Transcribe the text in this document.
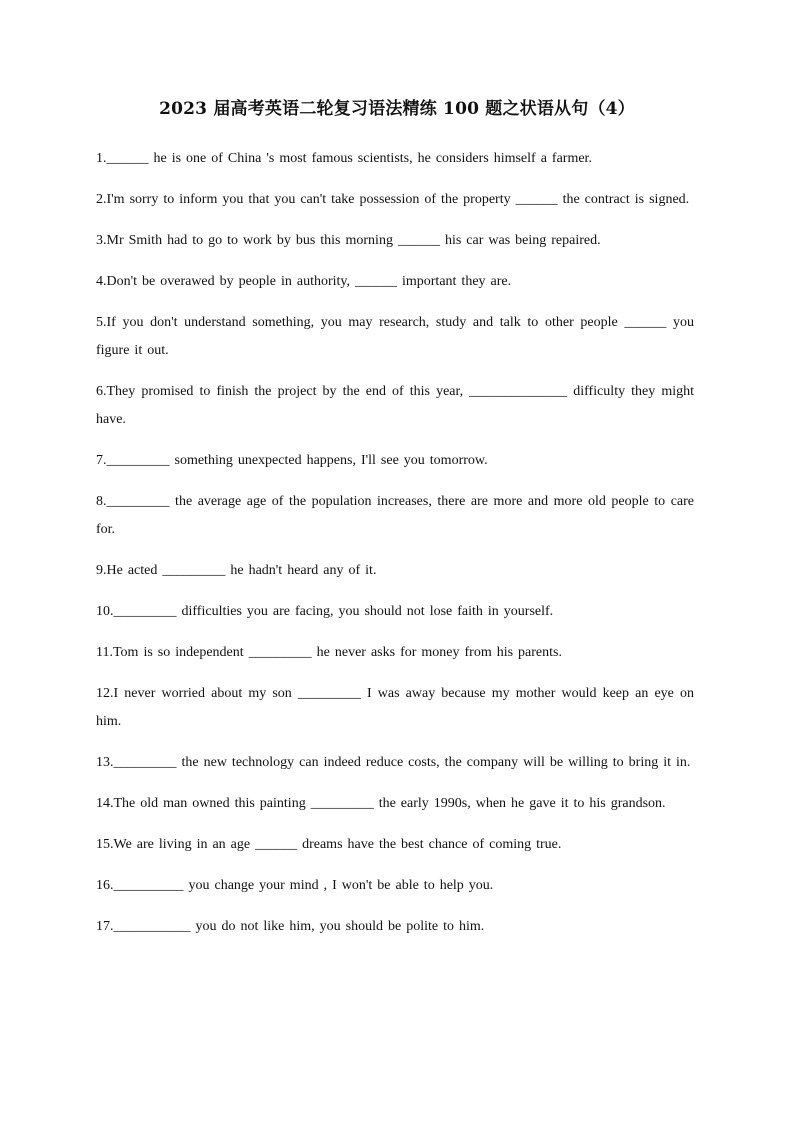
2023 届高考英语二轮复习语法精练 100 题之状语从句（4）

1.______ he is one of China 's most famous scientists, he considers himself a farmer.

2.I'm sorry to inform you that you can't take possession of the property ______ the contract is signed.

3.Mr Smith had to go to work by bus this morning ______ his car was being repaired.

4.Don't be overawed by people in authority, ______ important they are.

5.If you don't understand something, you may research, study and talk to other people ______ you figure it out.

6.They promised to finish the project by the end of this year, ______________ difficulty they might have.

7._________ something unexpected happens, I'll see you tomorrow.

8._________ the average age of the population increases, there are more and more old people to care for.

9.He acted _________ he hadn't heard any of it.

10._________ difficulties you are facing, you should not lose faith in yourself.

11.Tom is so independent _________ he never asks for money from his parents.

12.I never worried about my son _________ I was away because my mother would keep an eye on him.

13._________ the new technology can indeed reduce costs, the company will be willing to bring it in.

14.The old man owned this painting _________ the early 1990s, when he gave it to his grandson.

15.We are living in an age ______ dreams have the best chance of coming true.

16.__________ you change your mind , I won't be able to help you.

17.___________ you do not like him, you should be polite to him.
